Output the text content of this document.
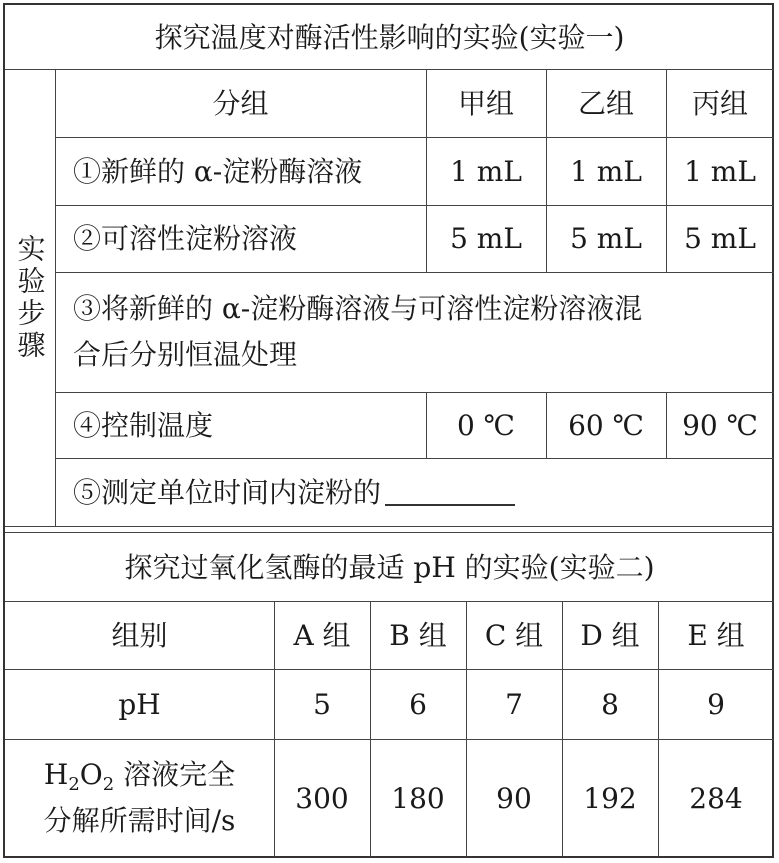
探究温度对酶活性影响的实验(实验一)
实验步骤
分组	甲组	乙组	丙组
①新鲜的 α-淀粉酶溶液	1 mL	1 mL	1 mL
②可溶性淀粉溶液	5 mL	5 mL	5 mL
③将新鲜的 α-淀粉酶溶液与可溶性淀粉溶液混
合后分别恒温处理
④控制温度	0 ℃	60 ℃	90 ℃
⑤测定单位时间内淀粉的
探究过氧化氢酶的最适 pH 的实验(实验二)
组别	A 组	B 组	C 组	D 组	E 组
pH	5	6	7	8	9
$H_2O_2$ 溶液完全
分解所需时间/s
300	180	90	192	284
